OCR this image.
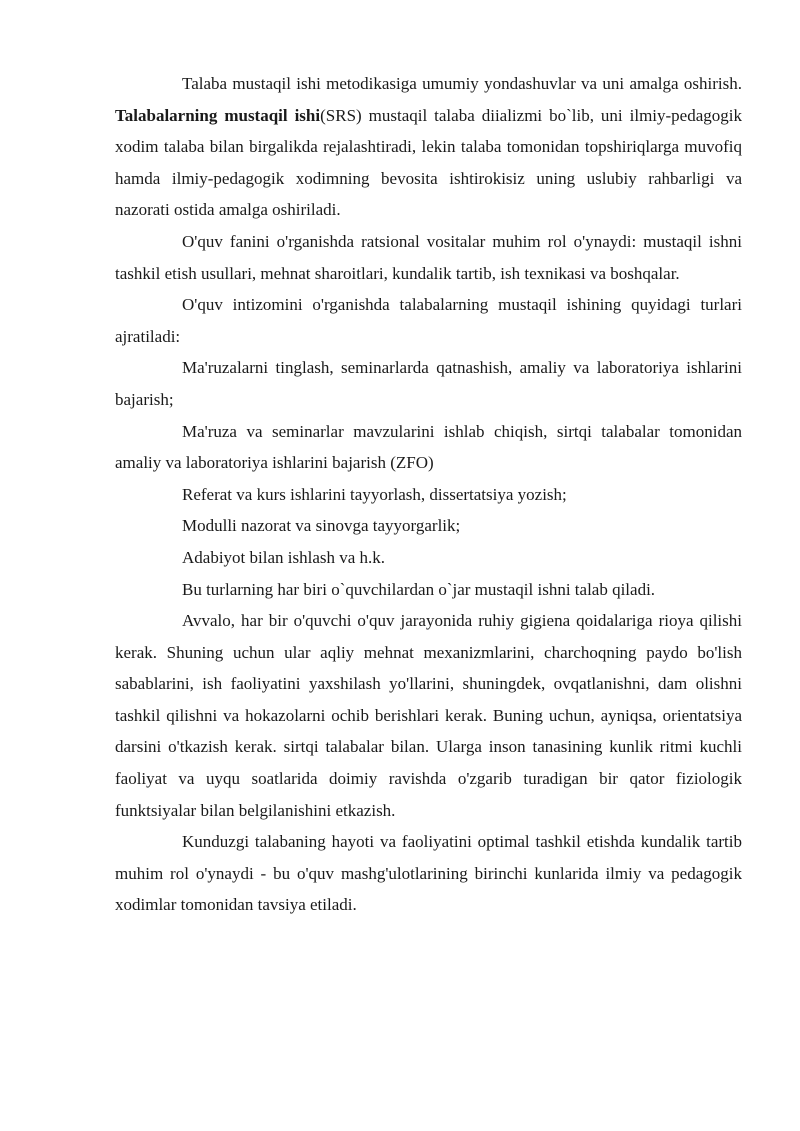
Talaba mustaqil ishi metodikasiga umumiy yondashuvlar va uni amalga oshirish. Talabalarning mustaqil ishi(SRS) mustaqil talaba diializmi bo`lib, uni ilmiy-pedagogik xodim talaba bilan birgalikda rejalashtiradi, lekin talaba tomonidan topshiriqlarga muvofiq hamda ilmiy-pedagogik xodimning bevosita ishtirokisiz uning uslubiy rahbarligi va nazorati ostida amalga oshiriladi.

O'quv fanini o'rganishda ratsional vositalar muhim rol o'ynaydi: mustaqil ishni tashkil etish usullari, mehnat sharoitlari, kundalik tartib, ish texnikasi va boshqalar.

O'quv intizomini o'rganishda talabalarning mustaqil ishining quyidagi turlari ajratiladi:

Ma'ruzalarni tinglash, seminarlarda qatnashish, amaliy va laboratoriya ishlarini bajarish;

Ma'ruza va seminarlar mavzularini ishlab chiqish, sirtqi talabalar tomonidan amaliy va laboratoriya ishlarini bajarish (ZFO)

Referat va kurs ishlarini tayyorlash, dissertatsiya yozish;

Modulli nazorat va sinovga tayyorgarlik;

Adabiyot bilan ishlash va h.k.

Bu turlarning har biri o`quvchilardan o`jar mustaqil ishni talab qiladi.

Avvalo, har bir o'quvchi o'quv jarayonida ruhiy gigiena qoidalariga rioya qilishi kerak. Shuning uchun ular aqliy mehnat mexanizmlarini, charchoqning paydo bo'lish sabablarini, ish faoliyatini yaxshilash yo'llarini, shuningdek, ovqatlanishni, dam olishni tashkil qilishni va hokazolarni ochib berishlari kerak. Buning uchun, ayniqsa, orientatsiya darsini o'tkazish kerak. sirtqi talabalar bilan. Ularga inson tanasining kunlik ritmi kuchli faoliyat va uyqu soatlarida doimiy ravishda o'zgarib turadigan bir qator fiziologik funktsiyalar bilan belgilanishini etkazish.

Kunduzgi talabaning hayoti va faoliyatini optimal tashkil etishda kundalik tartib muhim rol o'ynaydi - bu o'quv mashg'ulotlarining birinchi kunlarida ilmiy va pedagogik xodimlar tomonidan tavsiya etiladi.
